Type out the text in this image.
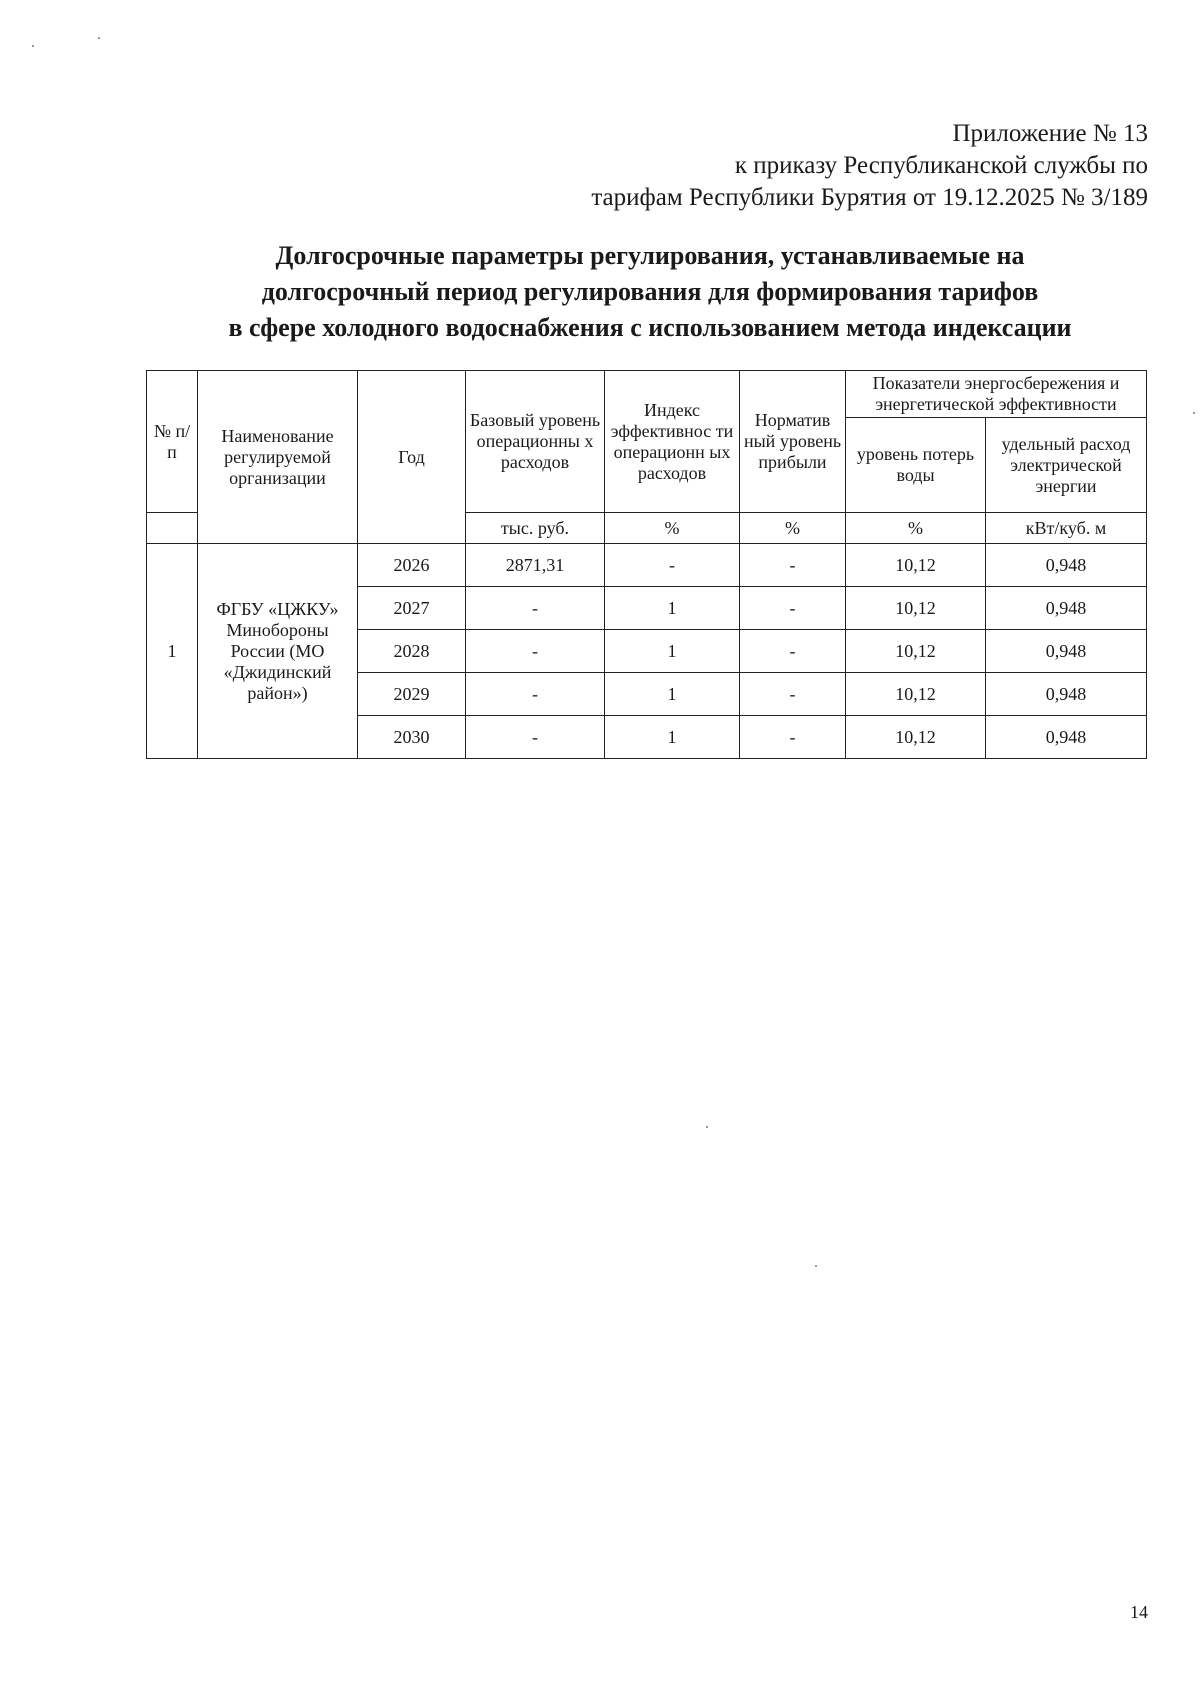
Приложение № 13
к приказу Республиканской службы по
тарифам Республики Бурятия от 19.12.2025 № 3/189
Долгосрочные параметры регулирования, устанавливаемые на
долгосрочный период регулирования для формирования тарифов
в сфере холодного водоснабжения с использованием метода индексации
№ п/п	Наименование регулируемой организации	Год	Базовый уровень операционны х расходов	Индекс эффективнос ти операционн ых расходов	Норматив ный уровень прибыли	Показатели энергосбережения и энергетической эффективности	
						уровень потерь воды	удельный расход электрической энергии
			тыс. руб.	%	%	%	кВт/куб. м
1	ФГБУ «ЦЖКУ» Минобороны России (МО «Джидинский район»)	2026	2871,31	-	-	10,12	0,948
		2027	-	1	-	10,12	0,948
		2028	-	1	-	10,12	0,948
		2029	-	1	-	10,12	0,948
		2030	-	1	-	10,12	0,948
14
